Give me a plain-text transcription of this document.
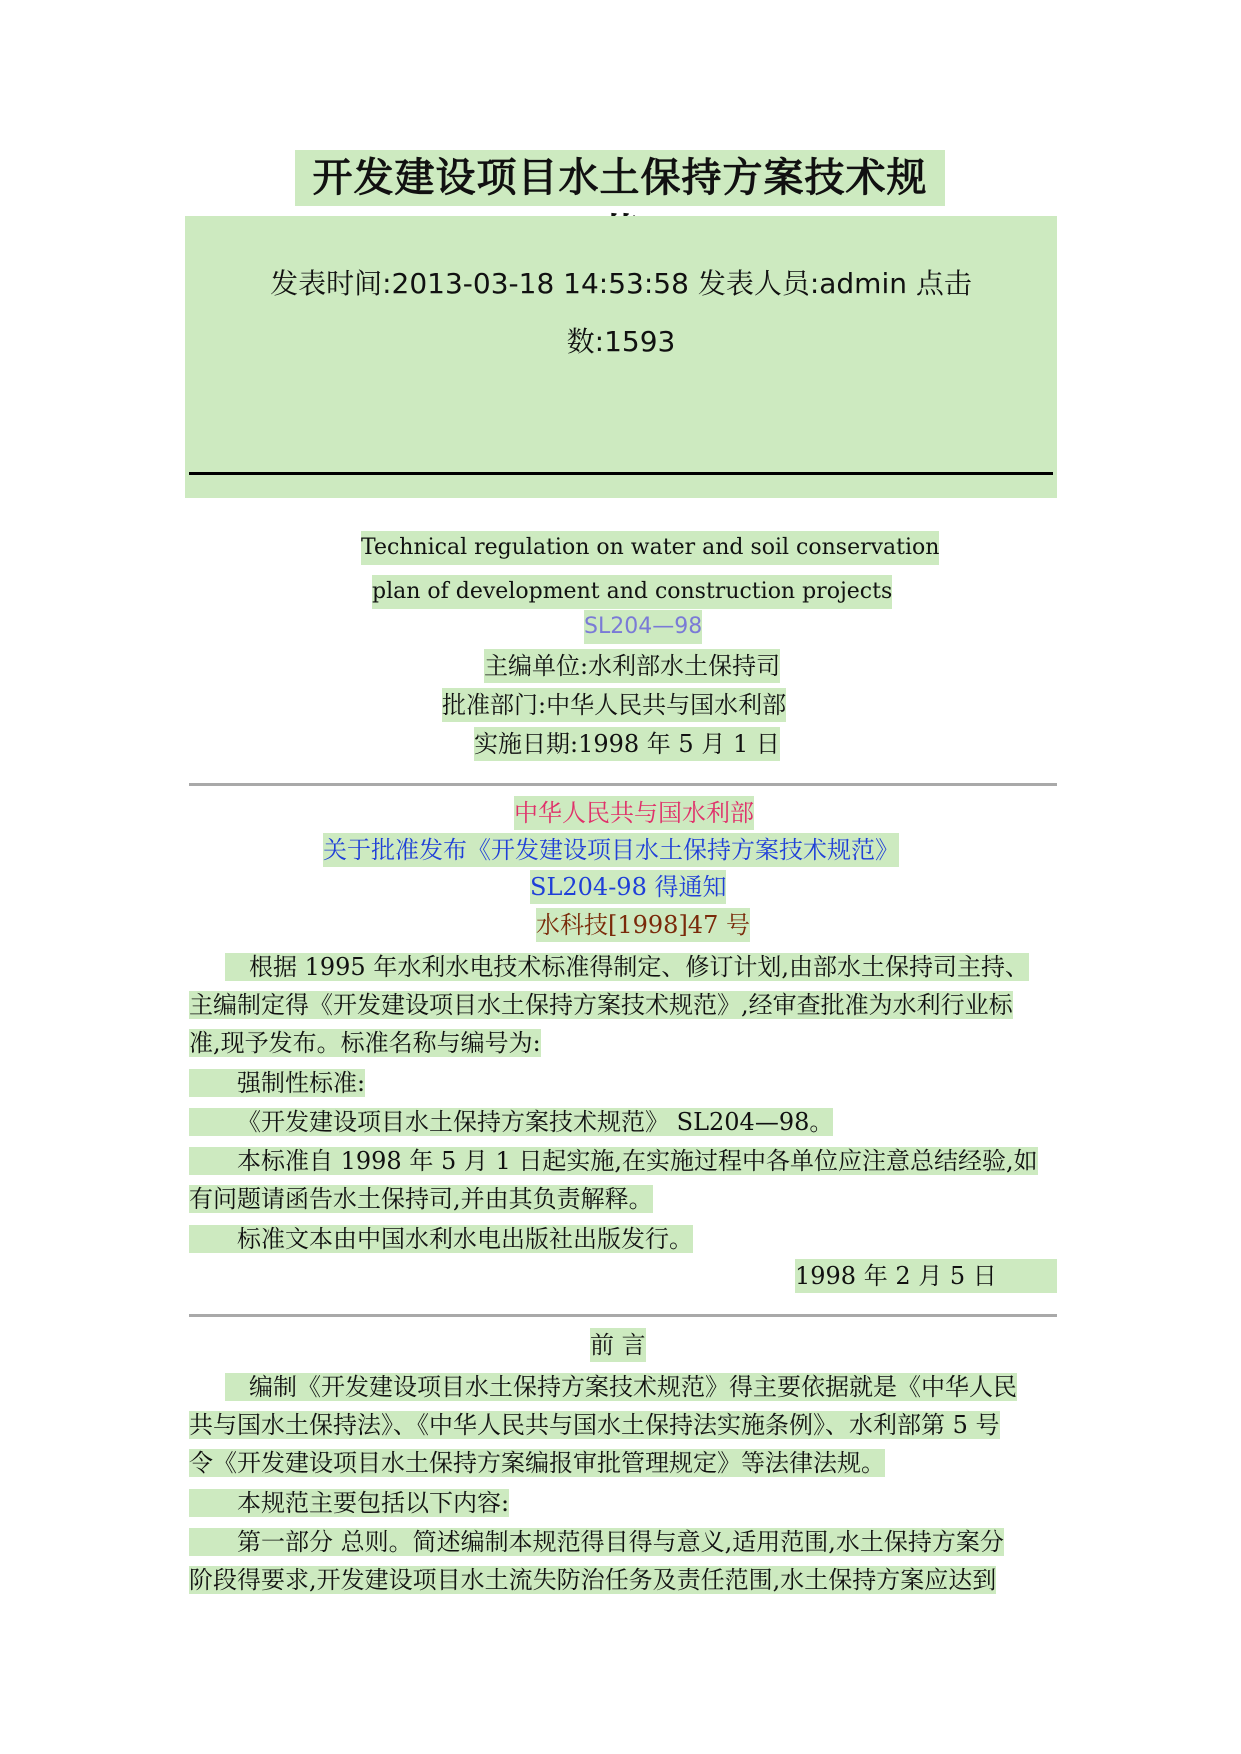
开发建设项目水土保持方案技术规
发表时间:2013-03-18 14:53:58 发表人员:admin 点击
数:1593
Technical regulation on water and soil conservation
plan of development and construction projects
SL204—98
主编单位:水利部水土保持司
批准部门:中华人民共与国水利部
实施日期:1998 年 5 月 1 日
中华人民共与国水利部
关于批准发布《开发建设项目水土保持方案技术规范》
SL204-98 得通知
水科技[1998]47 号
根据 1995 年水利水电技术标准得制定、修订计划,由部水土保持司主持、
主编制定得《开发建设项目水土保持方案技术规范》,经审查批准为水利行业标
准,现予发布。标准名称与编号为:
强制性标准:
《开发建设项目水土保持方案技术规范》 SL204—98。
本标准自 1998 年 5 月 1 日起实施,在实施过程中各单位应注意总结经验,如
有问题请函告水土保持司,并由其负责解释。
标准文本由中国水利水电出版社出版发行。
1998 年 2 月 5 日
前 言
编制《开发建设项目水土保持方案技术规范》得主要依据就是《中华人民
共与国水土保持法》、《中华人民共与国水土保持法实施条例》、水利部第 5 号
令《开发建设项目水土保持方案编报审批管理规定》等法律法规。
本规范主要包括以下内容:
第一部分 总则。简述编制本规范得目得与意义,适用范围,水土保持方案分
阶段得要求,开发建设项目水土流失防治任务及责任范围,水土保持方案应达到
